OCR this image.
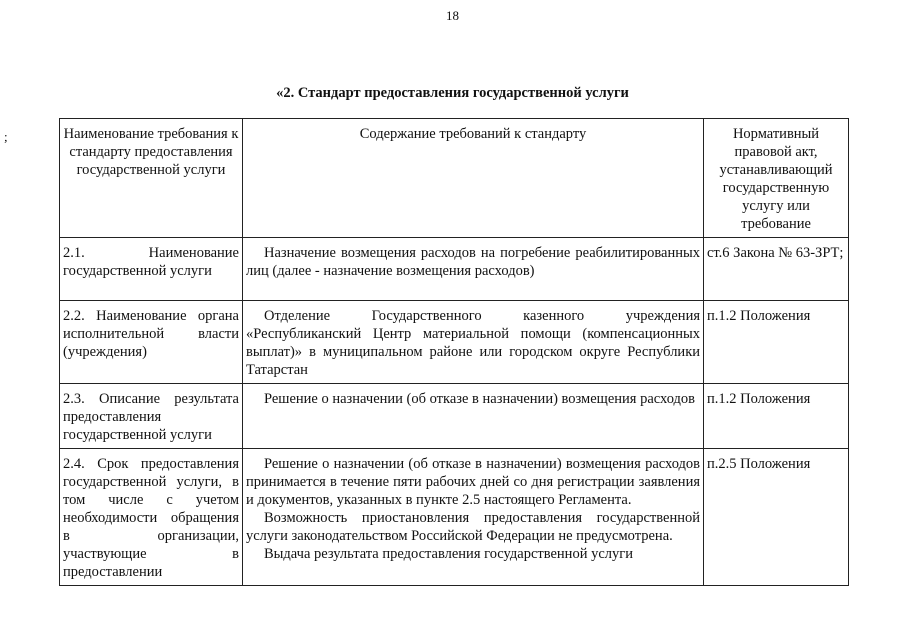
18
;
«2. Стандарт предоставления государственной услуги
Наименование требования к стандарту предоставления государственной услуги	Содержание требований к стандарту	Нормативный правовой акт, устанавливающий государственную услугу или требование
2.1. Наименование государственной услуги	Назначение возмещения расходов на погребение реабилитированных лиц (далее - назначение возмещения расходов)	ст.6 Закона № 63-ЗРТ;
2.2. Наименование органа исполнительной власти (учреждения)	Отделение Государственного казенного учреждения «Республиканский Центр материальной помощи (компенсационных выплат)» в муниципальном районе или городском округе Республики Татарстан	п.1.2 Положения
2.3. Описание результата предоставления государственной услуги	Решение о назначении (об отказе в назначении) возмещения расходов	п.1.2 Положения
2.4. Срок предоставления государственной услуги, в том числе с учетом необходимости обращения в организации, участвующие в предоставлении	Решение о назначении (об отказе в назначении) возмещения расходов принимается в течение пяти рабочих дней со дня регистрации заявления и документов, указанных в пункте 2.5 настоящего Регламента.

Возможность приостановления предоставления государственной услуги законодательством Российской Федерации не предусмотрена.

Выдача результата предоставления государственной услуги	п.2.5 Положения
